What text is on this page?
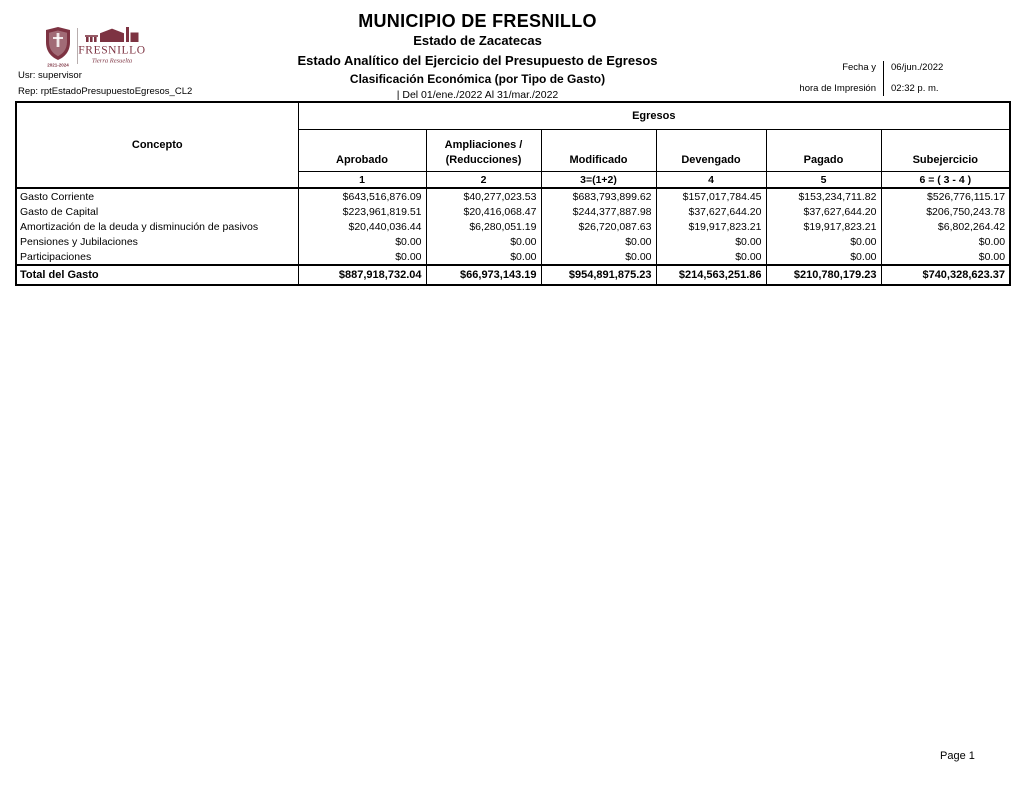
2021-2024
FRESNILLO
Tierra Resuelta
MUNICIPIO DE FRESNILLO
Estado de Zacatecas
Estado Analítico del Ejercicio del Presupuesto de Egresos
Clasificación Económica (por Tipo de Gasto)
| Del 01/ene./2022 Al 31/mar./2022
Usr: supervisor
Rep: rptEstadoPresupuestoEgresos_CL2
Fecha y
hora de Impresión
06/jun./2022
02:32 p. m.
Concepto	Egresos					
	Aprobado	Ampliaciones / (Reducciones)	Modificado	Devengado	Pagado	Subejercicio
	1	2	3=(1+2)	4	5	6 = ( 3 - 4 )
Gasto Corriente	$643,516,876.09	$40,277,023.53	$683,793,899.62	$157,017,784.45	$153,234,711.82	$526,776,115.17
Gasto de Capital	$223,961,819.51	$20,416,068.47	$244,377,887.98	$37,627,644.20	$37,627,644.20	$206,750,243.78
Amortización de la deuda y disminución de pasivos	$20,440,036.44	$6,280,051.19	$26,720,087.63	$19,917,823.21	$19,917,823.21	$6,802,264.42
Pensiones y Jubilaciones	$0.00	$0.00	$0.00	$0.00	$0.00	$0.00
Participaciones	$0.00	$0.00	$0.00	$0.00	$0.00	$0.00
Total del Gasto	$887,918,732.04	$66,973,143.19	$954,891,875.23	$214,563,251.86	$210,780,179.23	$740,328,623.37
Page 1
